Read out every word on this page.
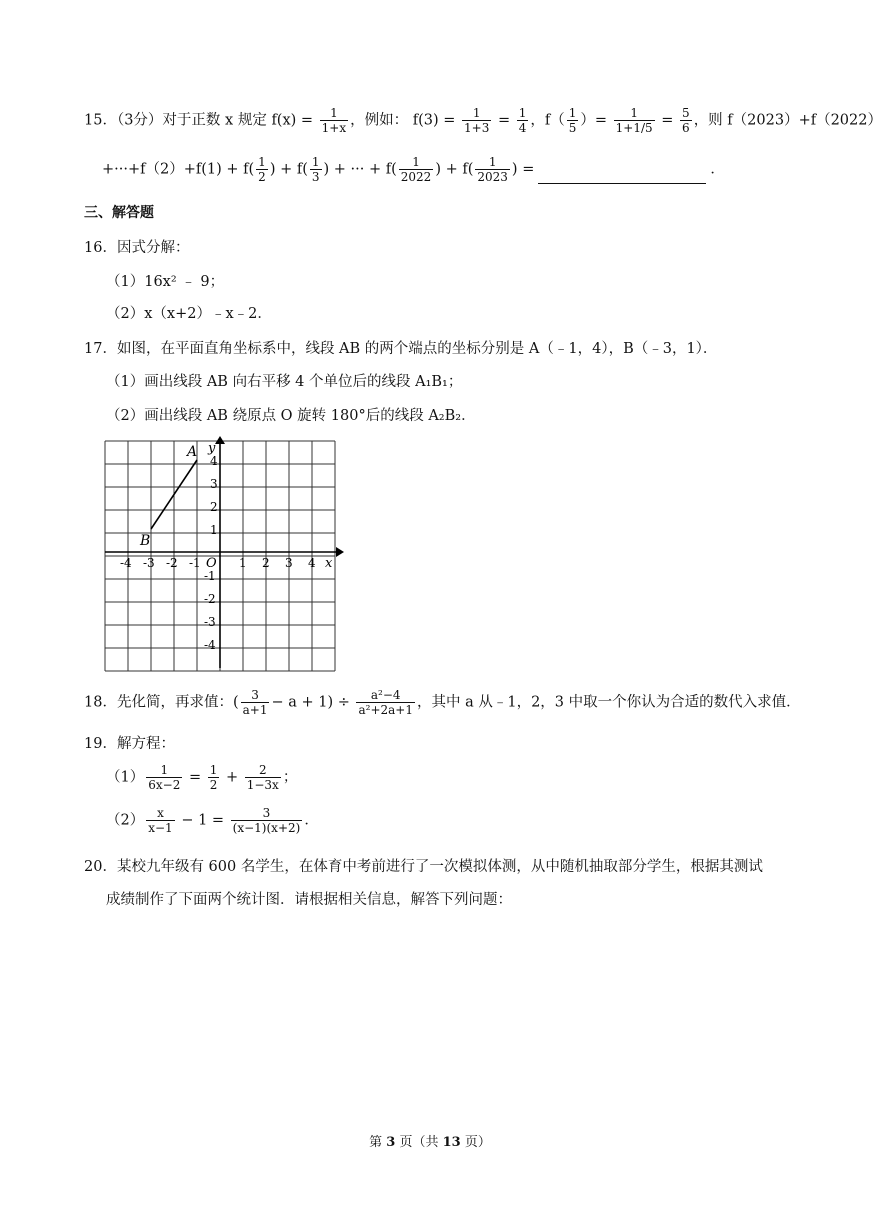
15．（3分）对于正数 x 规定 $f(x) = \frac{1}{1+x}$ ，例如： $f(3) = \frac{1}{1+3} = \frac{1}{4}$ ，$f( \frac{1}{5}$ ）= $\frac{1}{1+1/5} = \frac{5}{6}$ ，则 f（2023）+f（2022）
$+\cdot\cdot\cdot+f(2)+f(1) + f( \frac{1}{2}$ ) + $f( \frac{1}{3}$ ) + ··· + $f( \frac{1}{2022}$ ) + $f( \frac{1}{2023}$ ) =	．
三、解答题
16．因式分解：
（1）16x² ﹣ 9；
（2）x（x+2）﹣x﹣2．
17．如图，在平面直角坐标系中，线段 AB 的两个端点的坐标分别是 A（﹣1，4），B（﹣3，1）．
（1）画出线段 AB 向右平移 4 个单位后的线段 A₁B₁；
（2）画出线段 AB 绕原点 O 旋转 180°后的线段 A₂B₂．
A
B
y
x
O
-4 -3 -2 -1	1 2 3 4
4
3
2
1
-1
-2
-3
-4
18．先化简，再求值：( $\frac{3}{a+1} - a + 1) \div \frac{\text{a²−4}}{\text{a²+2a+1}}$ ，其中 a 从﹣1，2，3 中取一个你认为合适的数代入求值．
19．解方程：
$(1) \frac{1}{6x-2} = \frac{1}{2} + \frac{2}{1-3x}$ ；
$(2) \frac{x}{x-1} - 1 = \frac{3}{(x-1)(x+2)}$ ．
20．某校九年级有 600 名学生，在体育中考前进行了一次模拟体测，从中随机抽取部分学生，根据其测试
成绩制作了下面两个统计图．请根据相关信息，解答下列问题：
第 3 页（共 13 页）
